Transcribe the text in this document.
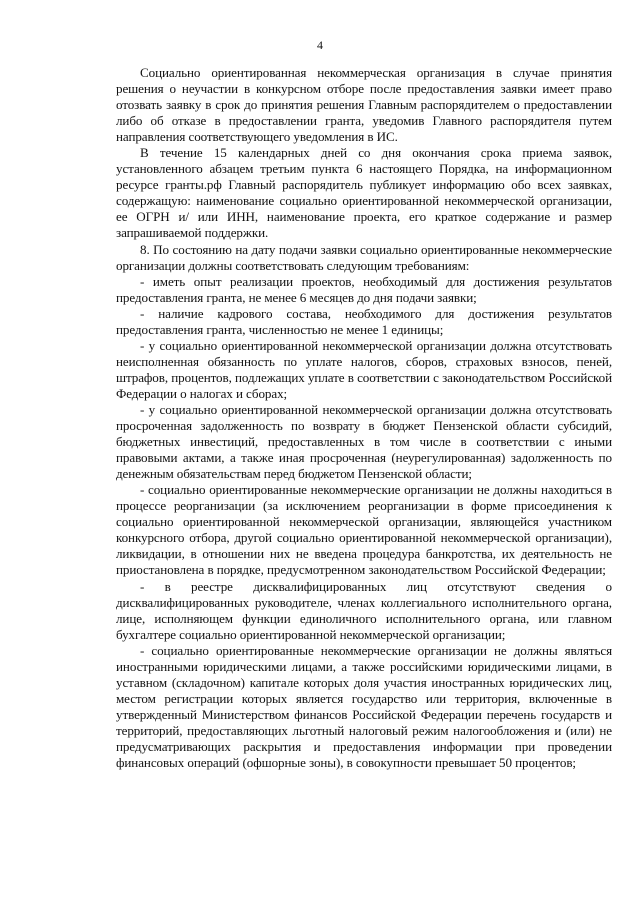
4

Социально ориентированная некоммерческая организация в случае принятия решения о неучастии в конкурсном отборе после предоставления заявки имеет право отозвать заявку в срок до принятия решения Главным распорядителем о предоставлении либо об отказе в предоставлении гранта, уведомив Главного распорядителя путем направления соответствующего уведомления в ИС.

В течение 15 календарных дней со дня окончания срока приема заявок, установленного абзацем третьим пункта 6 настоящего Порядка, на информационном ресурсе гранты.рф Главный распорядитель публикует информацию обо всех заявках, содержащую: наименование социально ориентированной некоммерческой организации, ее ОГРН и/ или ИНН, наименование проекта, его краткое содержание и размер запрашиваемой поддержки.

8. По состоянию на дату подачи заявки социально ориентированные некоммерческие организации должны соответствовать следующим требованиям:

- иметь опыт реализации проектов, необходимый для достижения результатов предоставления гранта, не менее 6 месяцев до дня подачи заявки;

- наличие кадрового состава, необходимого для достижения результатов предоставления гранта, численностью не менее 1 единицы;

- у социально ориентированной некоммерческой организации должна отсутствовать неисполненная обязанность по уплате налогов, сборов, страховых взносов, пеней, штрафов, процентов, подлежащих уплате в соответствии с законодательством Российской Федерации о налогах и сборах;

- у социально ориентированной некоммерческой организации должна отсутствовать просроченная задолженность по возврату в бюджет Пензенской области субсидий, бюджетных инвестиций, предоставленных в том числе в соответствии с иными правовыми актами, а также иная просроченная (неурегулированная) задолженность по денежным обязательствам перед бюджетом Пензенской области;

- социально ориентированные некоммерческие организации не должны находиться в процессе реорганизации (за исключением реорганизации в форме присоединения к социально ориентированной некоммерческой организации, являющейся участником конкурсного отбора, другой социально ориентированной некоммерческой организации), ликвидации, в отношении них не введена процедура банкротства, их деятельность не приостановлена в порядке, предусмотренном законодательством Российской Федерации;

- в реестре дисквалифицированных лиц отсутствуют сведения о дисквалифицированных руководителе, членах коллегиального исполнительного органа, лице, исполняющем функции единоличного исполнительного органа, или главном бухгалтере социально ориентированной некоммерческой организации;

- социально ориентированные некоммерческие организации не должны являться иностранными юридическими лицами, а также российскими юридическими лицами, в уставном (складочном) капитале которых доля участия иностранных юридических лиц, местом регистрации которых является государство или территория, включенные в утвержденный Министерством финансов Российской Федерации перечень государств и территорий, предоставляющих льготный налоговый режим налогообложения и (или) не предусматривающих раскрытия и предоставления информации при проведении финансовых операций (офшорные зоны), в совокупности превышает 50 процентов;
